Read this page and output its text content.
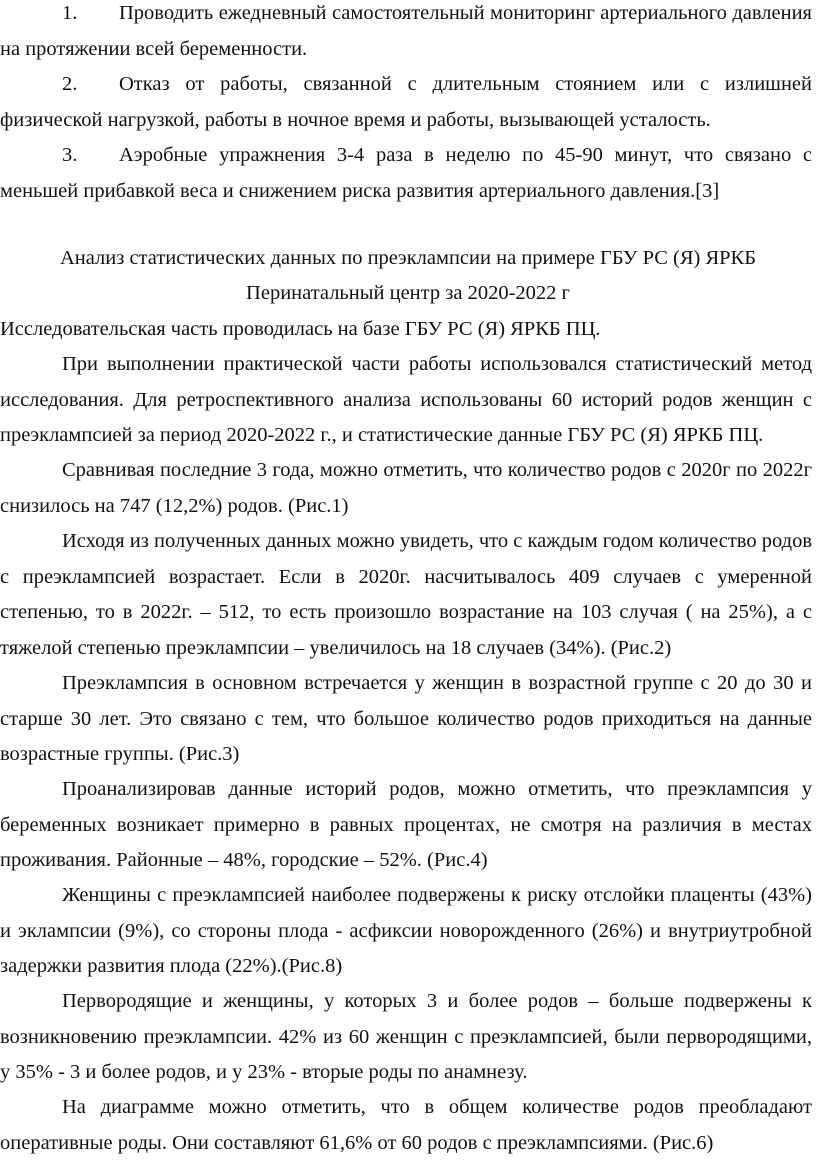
1. Проводить ежедневный самостоятельный мониторинг артериального давления на протяжении всей беременности.

2. Отказ от работы, связанной с длительным стоянием или с излишней физической нагрузкой, работы в ночное время и работы, вызывающей усталость.

3. Аэробные упражнения 3-4 раза в неделю по 45-90 минут, что связано с меньшей прибавкой веса и снижением риска развития артериального давления.[3]

Анализ статистических данных по преэклампсии на примере ГБУ РС (Я) ЯРКБ

Перинатальный центр за 2020-2022 г

Исследовательская часть проводилась на базе ГБУ РС (Я) ЯРКБ ПЦ.

При выполнении практической части работы использовался статистический метод исследования. Для ретроспективного анализа использованы 60 историй родов женщин с преэклампсией за период 2020-2022 г., и статистические данные ГБУ РС (Я) ЯРКБ ПЦ.

Сравнивая последние 3 года, можно отметить, что количество родов с 2020г по 2022г снизилось на 747 (12,2%) родов. (Рис.1)

Исходя из полученных данных можно увидеть, что с каждым годом количество родов с преэклампсией возрастает. Если в 2020г. насчитывалось 409 случаев с умеренной степенью, то в 2022г. – 512, то есть произошло возрастание на 103 случая ( на 25%), а с тяжелой степенью преэклампсии – увеличилось на 18 случаев (34%). (Рис.2)

Преэклампсия в основном встречается у женщин в возрастной группе с 20 до 30 и старше 30 лет. Это связано с тем, что большое количество родов приходиться на данные возрастные группы. (Рис.3)

Проанализировав данные историй родов, можно отметить, что преэклампсия у беременных возникает примерно в равных процентах, не смотря на различия в местах проживания. Районные – 48%, городские – 52%. (Рис.4)

Женщины с преэклампсией наиболее подвержены к риску отслойки плаценты (43%) и эклампсии (9%), со стороны плода - асфиксии новорожденного (26%) и внутриутробной задержки развития плода (22%).(Рис.8)

Первородящие и женщины, у которых 3 и более родов – больше подвержены к возникновению преэклампсии. 42% из 60 женщин с преэклампсией, были первородящими, у 35% - 3 и более родов, и у 23% - вторые роды по анамнезу.

На диаграмме можно отметить, что в общем количестве родов преобладают оперативные роды. Они составляют 61,6% от 60 родов с преэклампсиями. (Рис.6)
